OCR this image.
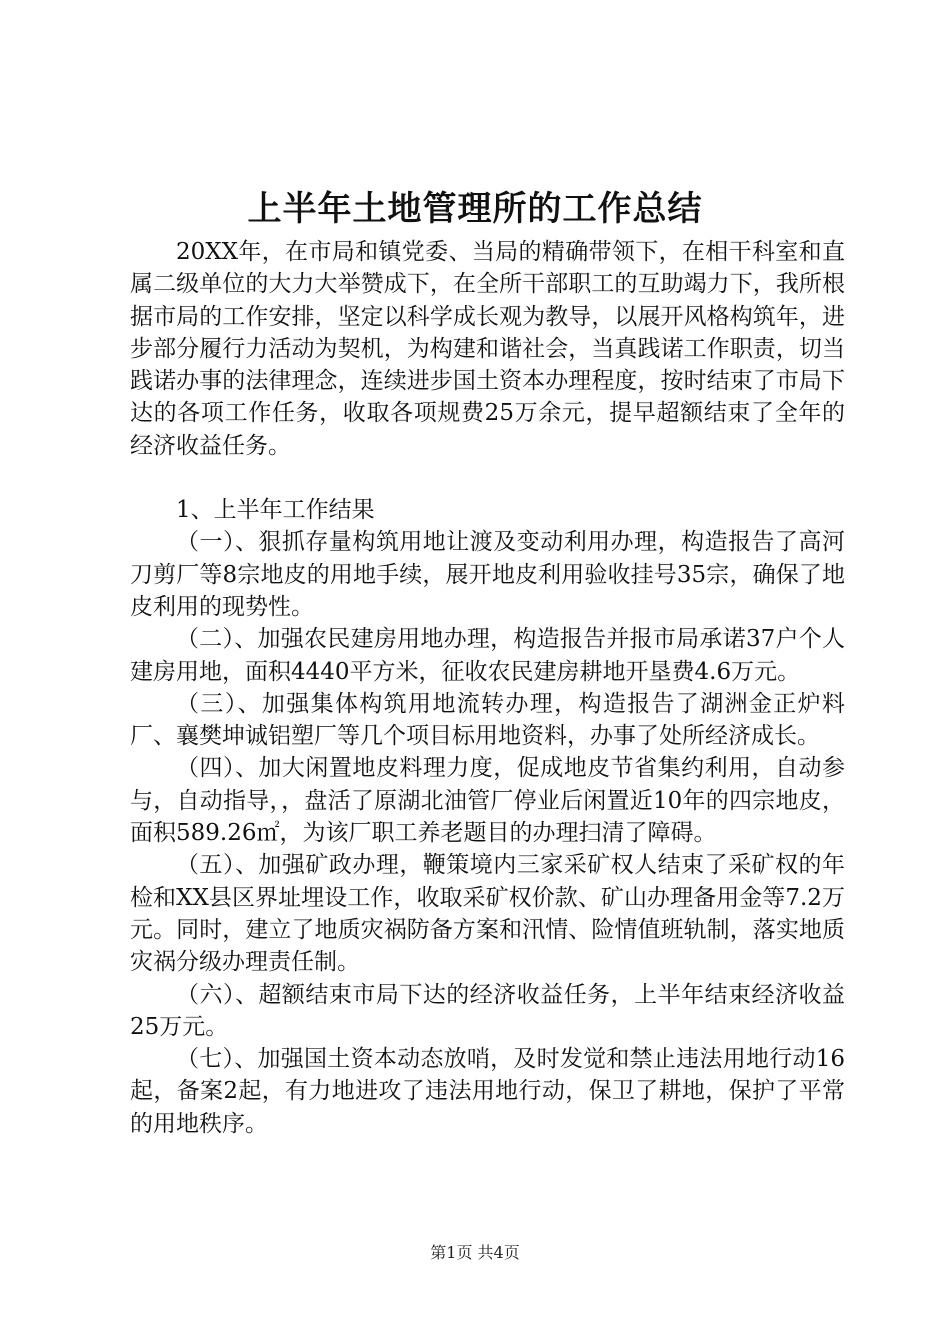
上半年土地管理所的工作总结

20XX年，在市局和镇党委、当局的精确带领下，在相干科室和直属二级单位的大力大举赞成下，在全所干部职工的互助竭力下，我所根据市局的工作安排，坚定以科学成长观为教导，以展开风格构筑年，进步部分履行力活动为契机，为构建和谐社会，当真践诺工作职责，切当践诺办事的法律理念，连续进步国土资本办理程度，按时结束了市局下达的各项工作任务，收取各项规费25万余元，提早超额结束了全年的经济收益任务。

1、上半年工作结果

（一）、狠抓存量构筑用地让渡及变动利用办理，构造报告了高河刀剪厂等8宗地皮的用地手续，展开地皮利用验收挂号35宗，确保了地皮利用的现势性。

（二）、加强农民建房用地办理，构造报告并报市局承诺37户个人建房用地，面积4440平方米，征收农民建房耕地开垦费4.6万元。

（三）、加强集体构筑用地流转办理，构造报告了湖洲金正炉料厂、襄樊坤诚铝塑厂等几个项目标用地资料，办事了处所经济成长。

（四）、加大闲置地皮料理力度，促成地皮节省集约利用，自动参与，自动指导，，盘活了原湖北油管厂停业后闲置近10年的四宗地皮，面积589.26㎡，为该厂职工养老题目的办理扫清了障碍。

（五）、加强矿政办理，鞭策境内三家采矿权人结束了采矿权的年检和XX县区界址埋设工作，收取采矿权价款、矿山办理备用金等7.2万元。同时，建立了地质灾祸防备方案和汛情、险情值班轨制，落实地质灾祸分级办理责任制。

（六）、超额结束市局下达的经济收益任务，上半年结束经济收益25万元。

（七）、加强国土资本动态放哨，及时发觉和禁止违法用地行动16起，备案2起，有力地进攻了违法用地行动，保卫了耕地，保护了平常的用地秩序。

第1页 共4页
